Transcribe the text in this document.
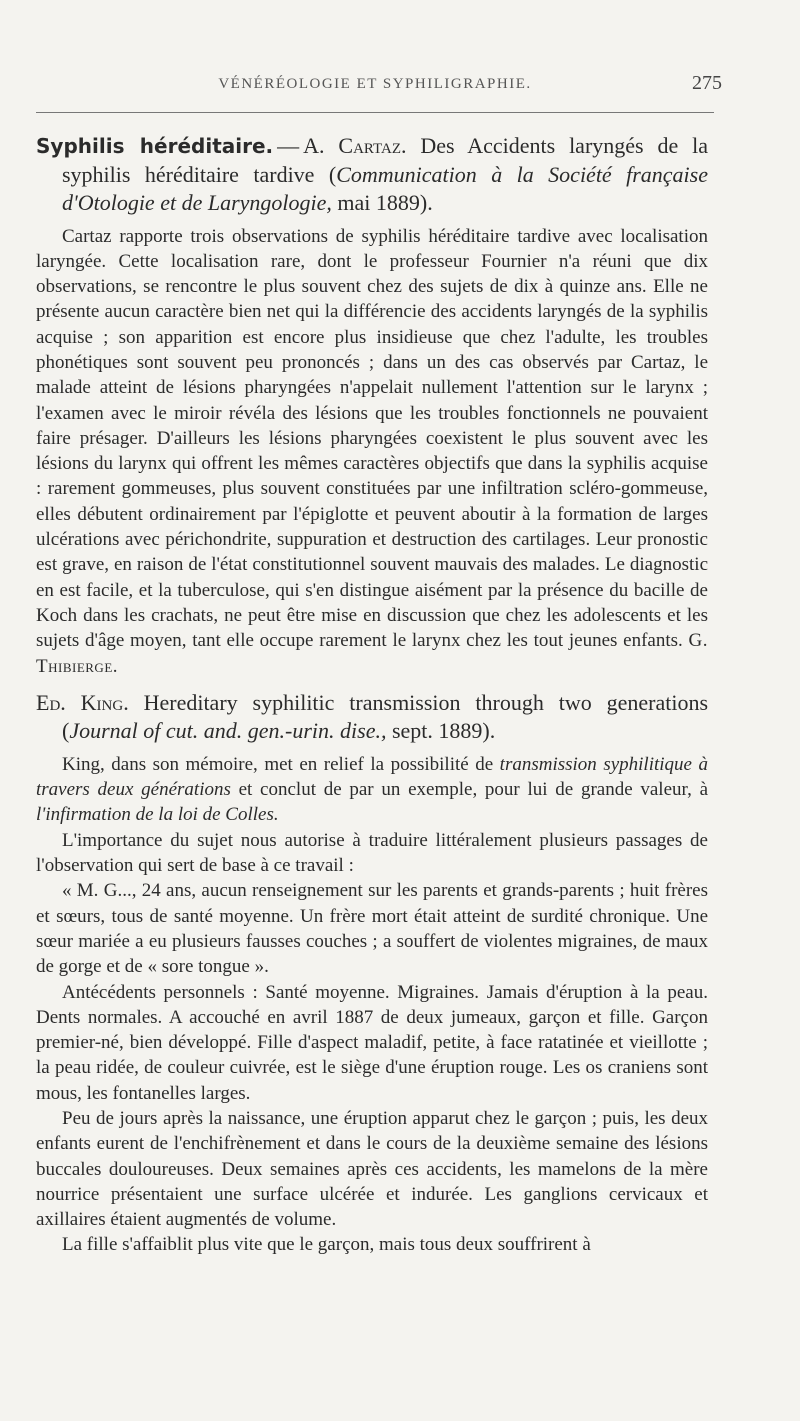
VÉNÉRÉOLOGIE ET SYPHILIGRAPHIE.	275

Syphilis héréditaire. — A. Cartaz. Des Accidents laryngés de la syphilis héréditaire tardive (Communication à la Société française d'Otologie et de Laryngologie, mai 1889).

Cartaz rapporte trois observations de syphilis héréditaire tardive avec localisation laryngée. Cette localisation rare, dont le professeur Fournier n'a réuni que dix observations, se rencontre le plus souvent chez des sujets de dix à quinze ans. Elle ne présente aucun caractère bien net qui la différencie des accidents laryngés de la syphilis acquise ; son apparition est encore plus insidieuse que chez l'adulte, les troubles phonétiques sont souvent peu prononcés ; dans un des cas observés par Cartaz, le malade atteint de lésions pharyngées n'appelait nullement l'attention sur le larynx ; l'examen avec le miroir révéla des lésions que les troubles fonctionnels ne pouvaient faire présager. D'ailleurs les lésions pharyngées coexistent le plus souvent avec les lésions du larynx qui offrent les mêmes caractères objectifs que dans la syphilis acquise : rarement gommeuses, plus souvent constituées par une infiltration scléro-gommeuse, elles débutent ordinairement par l'épiglotte et peuvent aboutir à la formation de larges ulcérations avec périchondrite, suppuration et destruction des cartilages. Leur pronostic est grave, en raison de l'état constitutionnel souvent mauvais des malades. Le diagnostic en est facile, et la tuberculose, qui s'en distingue aisément par la présence du bacille de Koch dans les crachats, ne peut être mise en discussion que chez les adolescents et les sujets d'âge moyen, tant elle occupe rarement le larynx chez les tout jeunes enfants. G. Thibierge.

Ed. King. Hereditary syphilitic transmission through two generations (Journal of cut. and. gen.-urin. dise., sept. 1889).

King, dans son mémoire, met en relief la possibilité de transmission syphilitique à travers deux générations et conclut de par un exemple, pour lui de grande valeur, à l'infirmation de la loi de Colles.

L'importance du sujet nous autorise à traduire littéralement plusieurs passages de l'observation qui sert de base à ce travail :

« M. G..., 24 ans, aucun renseignement sur les parents et grands-parents ; huit frères et sœurs, tous de santé moyenne. Un frère mort était atteint de surdité chronique. Une sœur mariée a eu plusieurs fausses couches ; a souffert de violentes migraines, de maux de gorge et de « sore tongue ».

Antécédents personnels : Santé moyenne. Migraines. Jamais d'éruption à la peau. Dents normales. A accouché en avril 1887 de deux jumeaux, garçon et fille. Garçon premier-né, bien développé. Fille d'aspect maladif, petite, à face ratatinée et vieillotte ; la peau ridée, de couleur cuivrée, est le siège d'une éruption rouge. Les os craniens sont mous, les fontanelles larges.

Peu de jours après la naissance, une éruption apparut chez le garçon ; puis, les deux enfants eurent de l'enchifrènement et dans le cours de la deuxième semaine des lésions buccales douloureuses. Deux semaines après ces accidents, les mamelons de la mère nourrice présentaient une surface ulcérée et indurée. Les ganglions cervicaux et axillaires étaient augmentés de volume.

La fille s'affaiblit plus vite que le garçon, mais tous deux souffrirent à
